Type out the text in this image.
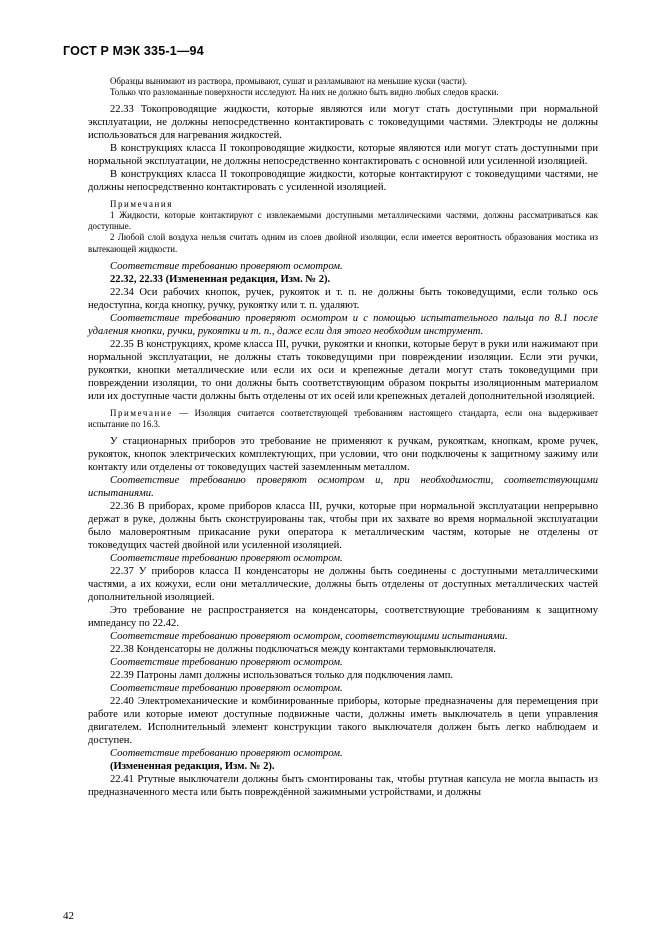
ГОСТ Р МЭК 335-1—94

Образцы вынимают из раствора, промывают, сушат и разламывают на меньшие куски (части).

Только что разломанные поверхности исследуют. На них не должно быть видно любых следов краски.

22.33 Токопроводящие жидкости, которые являются или могут стать доступными при нормальной эксплуатации, не должны непосредственно контактировать с токоведущими частями. Электроды не должны использоваться для нагревания жидкостей.

В конструкциях класса II токопроводящие жидкости, которые являются или могут стать доступными при нормальной эксплуатации, не должны непосредственно контактировать с основной или усиленной изоляцией.

В конструкциях класса II токопроводящие жидкости, которые контактируют с токоведущими частями, не должны непосредственно контактировать с усиленной изоляцией.

Примечания

1 Жидкости, которые контактируют с извлекаемыми доступными металлическими частями, должны рассматриваться как доступные.

2 Любой слой воздуха нельзя считать одним из слоев двойной изоляции, если имеется вероятность образования мостика из вытекающей жидкости.

Соответствие требованию проверяют осмотром.

22.32, 22.33 (Измененная редакция, Изм. № 2).

22.34 Оси рабочих кнопок, ручек, рукояток и т. п. не должны быть токоведущими, если только ось недоступна, когда кнопку, ручку, рукоятку или т. п. удаляют.

Соответствие требованию проверяют осмотром и с помощью испытательного пальца по 8.1 после удаления кнопки, ручки, рукоятки и т. п., даже если для этого необходим инструмент.

22.35 В конструкциях, кроме класса III, ручки, рукоятки и кнопки, которые берут в руки или нажимают при нормальной эксплуатации, не должны стать токоведущими при повреждении изоляции. Если эти ручки, рукоятки, кнопки металлические или если их оси и крепежные детали могут стать токоведущими при повреждении изоляции, то они должны быть соответствующим образом покрыты изоляционным материалом или их доступные части должны быть отделены от их осей или крепежных деталей дополнительной изоляцией.

Примечание — Изоляция считается соответствующей требованиям настоящего стандарта, если она выдерживает испытание по 16.3.

У стационарных приборов это требование не применяют к ручкам, рукояткам, кнопкам, кроме ручек, рукояток, кнопок электрических комплектующих, при условии, что они подключены к защитному зажиму или контакту или отделены от токоведущих частей заземленным металлом.

Соответствие требованию проверяют осмотром и, при необходимости, соответствующими испытаниями.

22.36 В приборах, кроме приборов класса III, ручки, которые при нормальной эксплуатации непрерывно держат в руке, должны быть сконструированы так, чтобы при их захвате во время нормальной эксплуатации было маловероятным прикасание руки оператора к металлическим частям, которые не отделены от токоведущих частей двойной или усиленной изоляцией.

Соответствие требованию проверяют осмотром.

22.37 У приборов класса II конденсаторы не должны быть соединены с доступными металлическими частями, а их кожухи, если они металлические, должны быть отделены от доступных металлических частей дополнительной изоляцией.

Это требование не распространяется на конденсаторы, соответствующие требованиям к защитному импедансу по 22.42.

Соответствие требованию проверяют осмотром, соответствующими испытаниями.

22.38 Конденсаторы не должны подключаться между контактами термовыключателя.

Соответствие требованию проверяют осмотром.

22.39 Патроны ламп должны использоваться только для подключения ламп.

Соответствие требованию проверяют осмотром.

22.40 Электромеханические и комбинированные приборы, которые предназначены для перемещения при работе или которые имеют доступные подвижные части, должны иметь выключатель в цепи управления двигателем. Исполнительный элемент конструкции такого выключателя должен быть легко наблюдаем и доступен.

Соответствие требованию проверяют осмотром.

(Измененная редакция, Изм. № 2).

22.41 Ртутные выключатели должны быть смонтированы так, чтобы ртутная капсула не могла выпасть из предназначенного места или быть повреждённой зажимными устройствами, и должны

42
